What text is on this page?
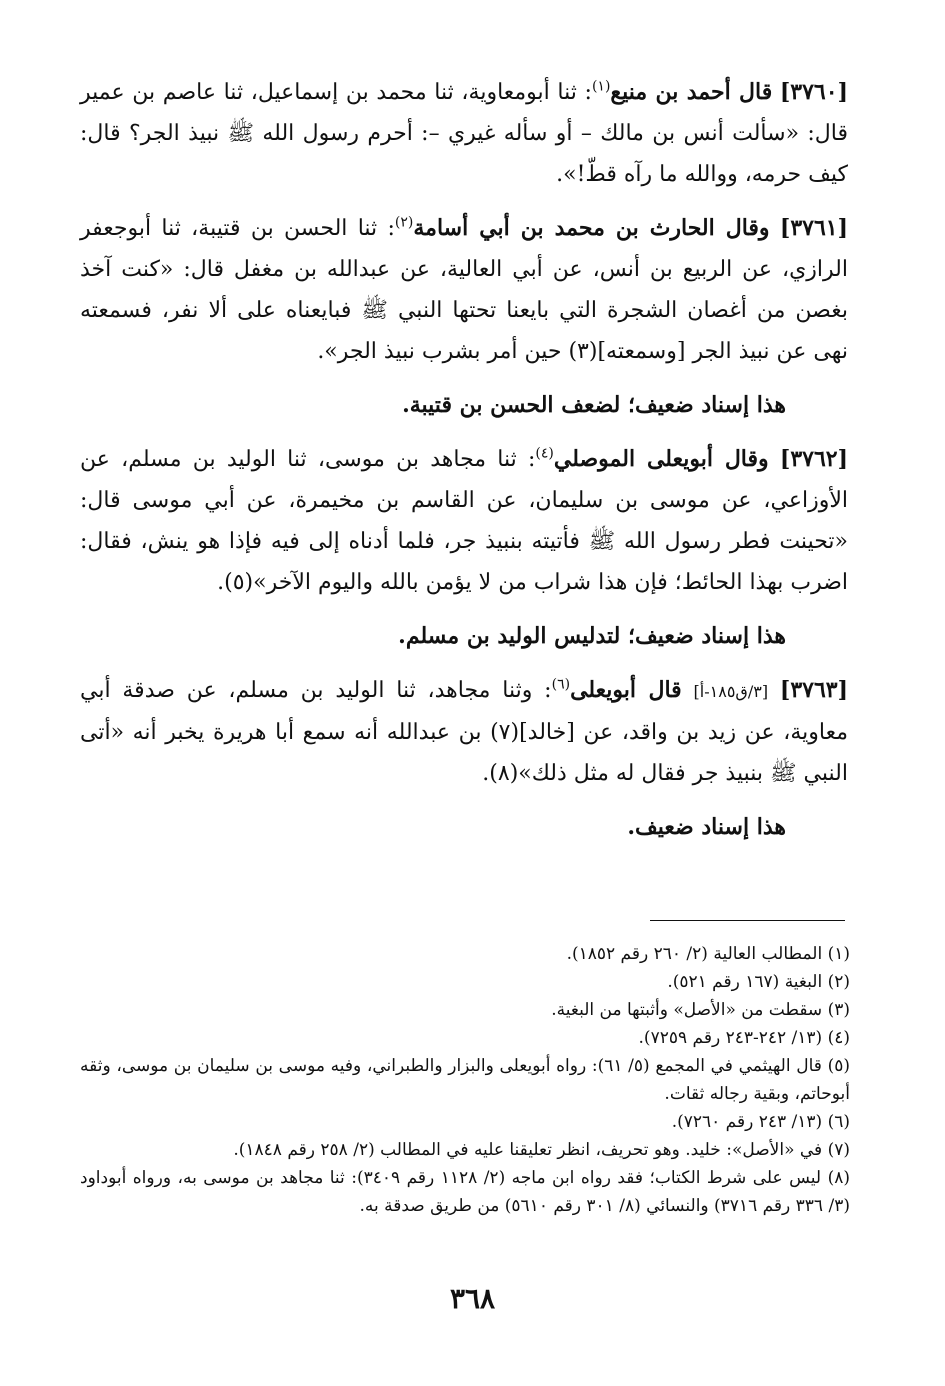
[٣٧٦٠] قال أحمد بن منيع$^{(١)}$: ثنا أبومعاوية، ثنا محمد بن إسماعيل، ثنا عاصم بن عمير قال: «سألت أنس بن مالك – أو سأله غيري –: أحرم رسول الله ﷺ نبيذ الجر؟ قال: كيف حرمه، ووالله ما رآه قطّ!».

[٣٧٦١] وقال الحارث بن محمد بن أبي أسامة$^{(٢)}$: ثنا الحسن بن قتيبة، ثنا أبوجعفر الرازي، عن الربيع بن أنس، عن أبي العالية، عن عبدالله بن مغفل قال: «كنت آخذ بغصن من أغصان الشجرة التي بايعنا تحتها النبي ﷺ فبايعناه على ألا نفر، فسمعته نهى عن نبيذ الجر [وسمعته](٣) حين أمر بشرب نبيذ الجر».

هذا إسناد ضعيف؛ لضعف الحسن بن قتيبة.

[٣٧٦٢] وقال أبويعلى الموصلي$^{(٤)}$: ثنا مجاهد بن موسى، ثنا الوليد بن مسلم، عن الأوزاعي، عن موسى بن سليمان، عن القاسم بن مخيمرة، عن أبي موسى قال: «تحينت فطر رسول الله ﷺ فأتيته بنبيذ جر، فلما أدناه إلى فيه فإذا هو ينش، فقال: اضرب بهذا الحائط؛ فإن هذا شراب من لا يؤمن بالله واليوم الآخر»(٥).

هذا إسناد ضعيف؛ لتدليس الوليد بن مسلم.

[٣٧٦٣] [٣/ق١٨٥-أ] قال أبويعلى$^{(٦)}$: وثنا مجاهد، ثنا الوليد بن مسلم، عن صدقة أبي معاوية، عن زيد بن واقد، عن [خالد](٧) بن عبدالله أنه سمع أبا هريرة يخبر أنه «أتى النبي ﷺ بنبيذ جر فقال له مثل ذلك»(٨).

هذا إسناد ضعيف.

(١) المطالب العالية (٢/ ٢٦٠ رقم ١٨٥٢).

(٢) البغية (١٦٧ رقم ٥٢١).

(٣) سقطت من «الأصل» وأثبتها من البغية.

(٤) (١٣/ ٢٤٢-٢٤٣ رقم ٧٢٥٩).

(٥) قال الهيثمي في المجمع (٥/ ٦١): رواه أبويعلى والبزار والطبراني، وفيه موسى بن سليمان بن موسى، وثقه أبوحاتم، وبقية رجاله ثقات.

(٦) (١٣/ ٢٤٣ رقم ٧٢٦٠).

(٧) في «الأصل»: خليد. وهو تحريف، انظر تعليقنا عليه في المطالب (٢/ ٢٥٨ رقم ١٨٤٨).

(٨) ليس على شرط الكتاب؛ فقد رواه ابن ماجه (٢/ ١١٢٨ رقم ٣٤٠٩): ثنا مجاهد بن موسى به، ورواه أبوداود (٣/ ٣٣٦ رقم ٣٧١٦) والنسائي (٨/ ٣٠١ رقم ٥٦١٠) من طريق صدقة به.

٣٦٨
